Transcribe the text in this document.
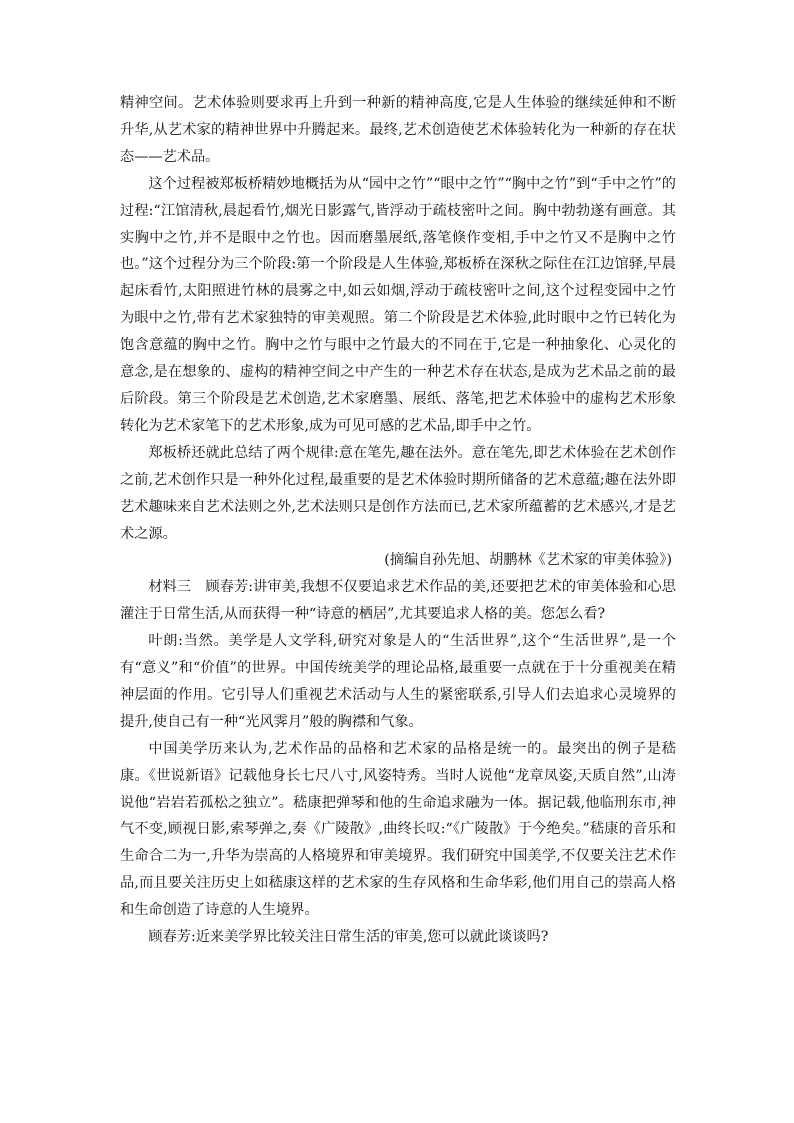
精神空间。艺术体验则要求再上升到一种新的精神高度,它是人生体验的继续延伸和不断升华,从艺术家的精神世界中升腾起来。最终,艺术创造使艺术体验转化为一种新的存在状态——艺术品。

这个过程被郑板桥精妙地概括为从“园中之竹”“眼中之竹”“胸中之竹”到“手中之竹”的过程:“江馆清秋,晨起看竹,烟光日影露气,皆浮动于疏枝密叶之间。胸中勃勃遂有画意。其实胸中之竹,并不是眼中之竹也。因而磨墨展纸,落笔倏作变相,手中之竹又不是胸中之竹也。”这个过程分为三个阶段:第一个阶段是人生体验,郑板桥在深秋之际住在江边馆驿,早晨起床看竹,太阳照进竹林的晨雾之中,如云如烟,浮动于疏枝密叶之间,这个过程变园中之竹为眼中之竹,带有艺术家独特的审美观照。第二个阶段是艺术体验,此时眼中之竹已转化为饱含意蕴的胸中之竹。胸中之竹与眼中之竹最大的不同在于,它是一种抽象化、心灵化的意念,是在想象的、虚构的精神空间之中产生的一种艺术存在状态,是成为艺术品之前的最后阶段。第三个阶段是艺术创造,艺术家磨墨、展纸、落笔,把艺术体验中的虚构艺术形象转化为艺术家笔下的艺术形象,成为可见可感的艺术品,即手中之竹。

郑板桥还就此总结了两个规律:意在笔先,趣在法外。意在笔先,即艺术体验在艺术创作之前,艺术创作只是一种外化过程,最重要的是艺术体验时期所储备的艺术意蕴;趣在法外即艺术趣味来自艺术法则之外,艺术法则只是创作方法而已,艺术家所蕴蓄的艺术感兴,才是艺术之源。

(摘编自孙先旭、胡鹏林《艺术家的审美体验》)

材料三　顾春芳:讲审美,我想不仅要追求艺术作品的美,还要把艺术的审美体验和心思灌注于日常生活,从而获得一种“诗意的栖居”,尤其要追求人格的美。您怎么看?

叶朗:当然。美学是人文学科,研究对象是人的“生活世界”,这个“生活世界”,是一个有“意义”和“价值”的世界。中国传统美学的理论品格,最重要一点就在于十分重视美在精神层面的作用。它引导人们重视艺术活动与人生的紧密联系,引导人们去追求心灵境界的提升,使自己有一种“光风霁月”般的胸襟和气象。

中国美学历来认为,艺术作品的品格和艺术家的品格是统一的。最突出的例子是嵇康。《世说新语》记载他身长七尺八寸,风姿特秀。当时人说他“龙章凤姿,天质自然”,山涛说他“岩岩若孤松之独立”。嵇康把弹琴和他的生命追求融为一体。据记载,他临刑东市,神气不变,顾视日影,索琴弹之,奏《广陵散》,曲终长叹:“《广陵散》于今绝矣。”嵇康的音乐和生命合二为一,升华为崇高的人格境界和审美境界。我们研究中国美学,不仅要关注艺术作品,而且要关注历史上如嵇康这样的艺术家的生存风格和生命华彩,他们用自己的崇高人格和生命创造了诗意的人生境界。

顾春芳:近来美学界比较关注日常生活的审美,您可以就此谈谈吗?
